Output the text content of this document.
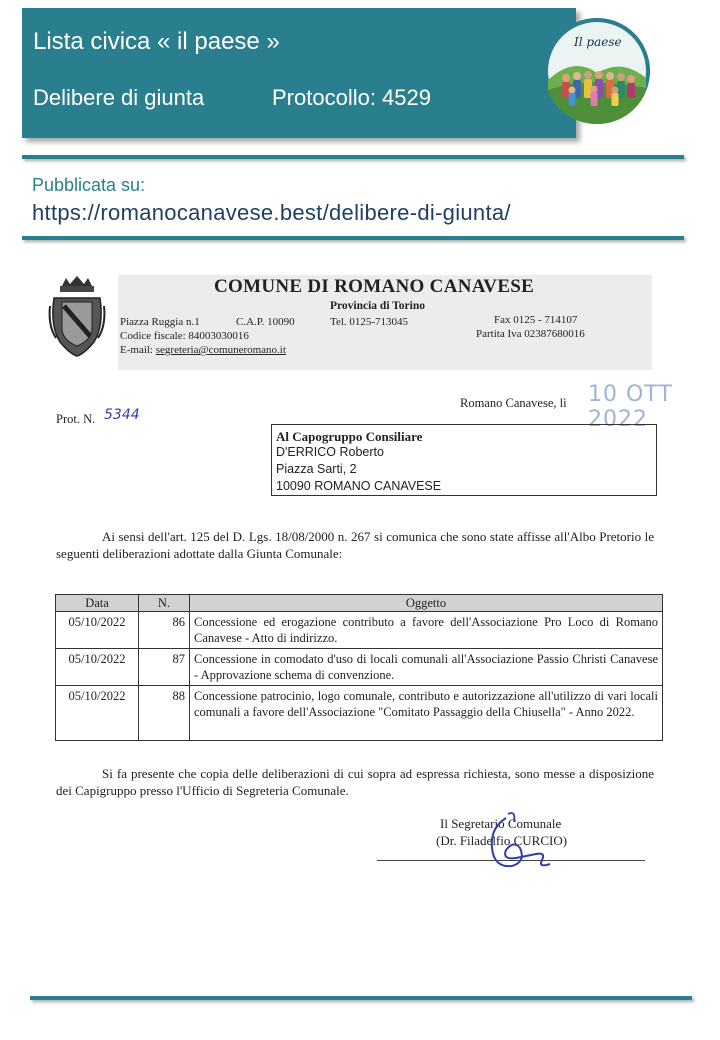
Lista civica « il paese »
Delibere di giunta	Protocollo: 4529
Il paese
Pubblicata su:
https://romanocanavese.best/delibere-di-giunta/
COMUNE DI ROMANO CANAVESE
Provincia di Torino
Piazza Ruggia n.1	C.A.P. 10090	Tel. 0125-713045	Fax 0125 - 714107
Codice fiscale: 84003030016	Partita Iva 02387680016
E-mail: segreteria@comuneromano.it
Romano Canavese, lì 10 OTT 2022
Prot. N. 5344
Al Capogruppo Consiliare
D'ERRICO Roberto
Piazza Sarti, 2
10090 ROMANO CANAVESE
Ai sensi dell'art. 125 del D. Lgs. 18/08/2000 n. 267 si comunica che sono state affisse all'Albo Pretorio le seguenti deliberazioni adottate dalla Giunta Comunale:
Data	N.	Oggetto
05/10/2022	86	Concessione ed erogazione contributo a favore dell'Associazione Pro Loco di Romano Canavese - Atto di indirizzo.
05/10/2022	87	Concessione in comodato d'uso di locali comunali all'Associazione Passio Christi Canavese - Approvazione schema di convenzione.
05/10/2022	88	Concessione patrocinio, logo comunale, contributo e autorizzazione all'utilizzo di vari locali comunali a favore dell'Associazione "Comitato Passaggio della Chiusella" - Anno 2022.
Si fa presente che copia delle deliberazioni di cui sopra ad espressa richiesta, sono messe a disposizione dei Capigruppo presso l'Ufficio di Segreteria Comunale.
Il Segretario Comunale
(Dr. Filadelfio CURCIO)
